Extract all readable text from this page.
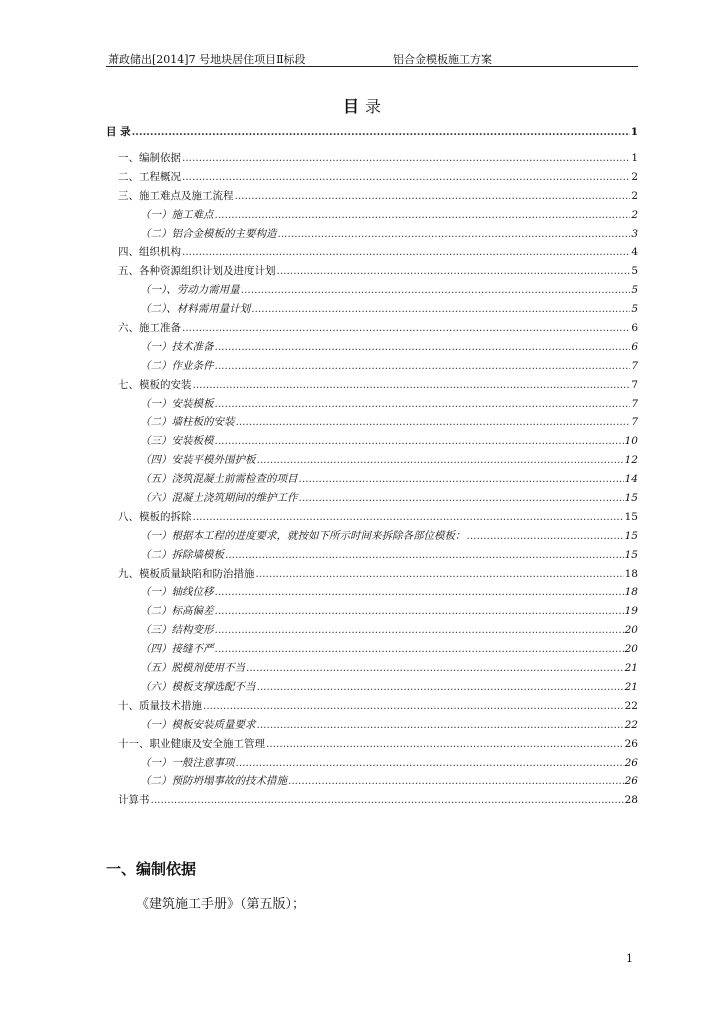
萧政储出[2014]7 号地块居住项目Ⅱ标段	铝合金模板施工方案
目 录
目 录 .....	1
一、编制依据 .....	1
二、工程概况 .....	2
三、施工难点及施工流程 .....	2
（一）施工难点 .....	2
（二）铝合金模板的主要构造 .....	3
四、组织机构 .....	4
五、各种资源组织计划及进度计划 .....	5
（一）、劳动力需用量 .....	5
（二）、材料需用量计划 .....	5
六、施工准备 .....	6
（一）技术准备 .....	6
（二）作业条件 .....	7
七、模板的安装 .....	7
（一）安装模板 .....	7
（二）墙柱板的安装 .....	7
（三）安装板模 .....	10
（四）安装平模外围护板 .....	12
（五）浇筑混凝土前需检查的项目 .....	14
（六）混凝土浇筑期间的维护工作 .....	15
八、模板的拆除 .....	15
（一）根据本工程的进度要求，就按如下所示时间来拆除各部位模板： .....	15
（二）拆除墙模板 .....	15
九、模板质量缺陷和防治措施 .....	18
（一）轴线位移 .....	18
（二）标高偏差 .....	19
（三）结构变形 .....	20
（四）接缝不严 .....	20
（五）脱模剂使用不当 .....	21
（六）模板支撑选配不当 .....	21
十、质量技术措施 .....	22
（一）模板安装质量要求 .....	22
十一、职业健康及安全施工管理 .....	26
（一）一般注意事项 .....	26
（二）预防坍塌事故的技术措施 .....	26
计算书 .....	28
一、编制依据
《建筑施工手册》（第五版）；
1
